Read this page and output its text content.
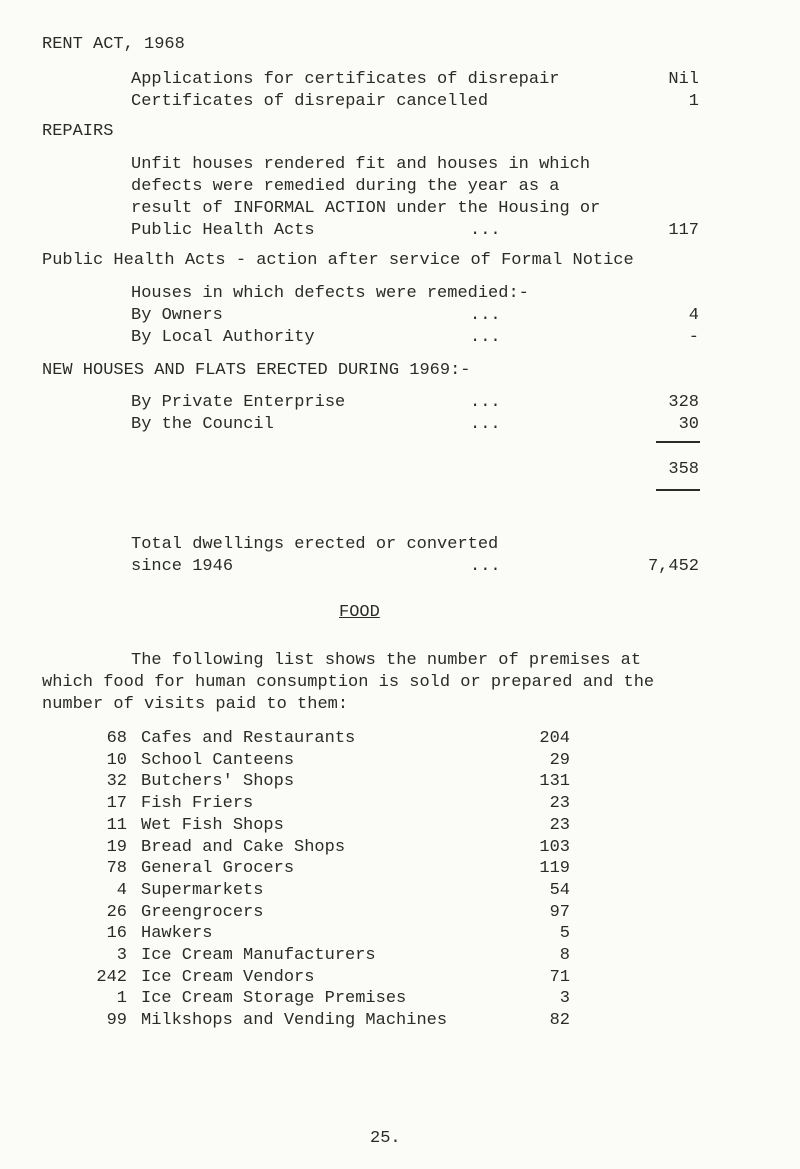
RENT ACT, 1968
Applications for certificates of disrepair	Nil
Certificates of disrepair cancelled	1
REPAIRS
Unfit houses rendered fit and houses in which
defects were remedied during the year as a
result of INFORMAL ACTION under the Housing or
Public Health Acts	...	117
Public Health Acts - action after service of Formal Notice
Houses in which defects were remedied:-
By Owners	...	4
By Local Authority	...	-
NEW HOUSES AND FLATS ERECTED DURING 1969:-
By Private Enterprise	...	328
By the Council	...	30
358
Total dwellings erected or converted
since 1946	...	7,452
FOOD
The following list shows the number of premises at
which food for human consumption is sold or prepared and the
number of visits paid to them:
68 Cafes and Restaurants	204
10 School Canteens	29
32 Butchers' Shops	131
17 Fish Friers	23
11 Wet Fish Shops	23
19 Bread and Cake Shops	103
78 General Grocers	119
4 Supermarkets	54
26 Greengrocers	97
16 Hawkers	5
3 Ice Cream Manufacturers	8
242 Ice Cream Vendors	71
1 Ice Cream Storage Premises	3
99 Milkshops and Vending Machines	82
25.
